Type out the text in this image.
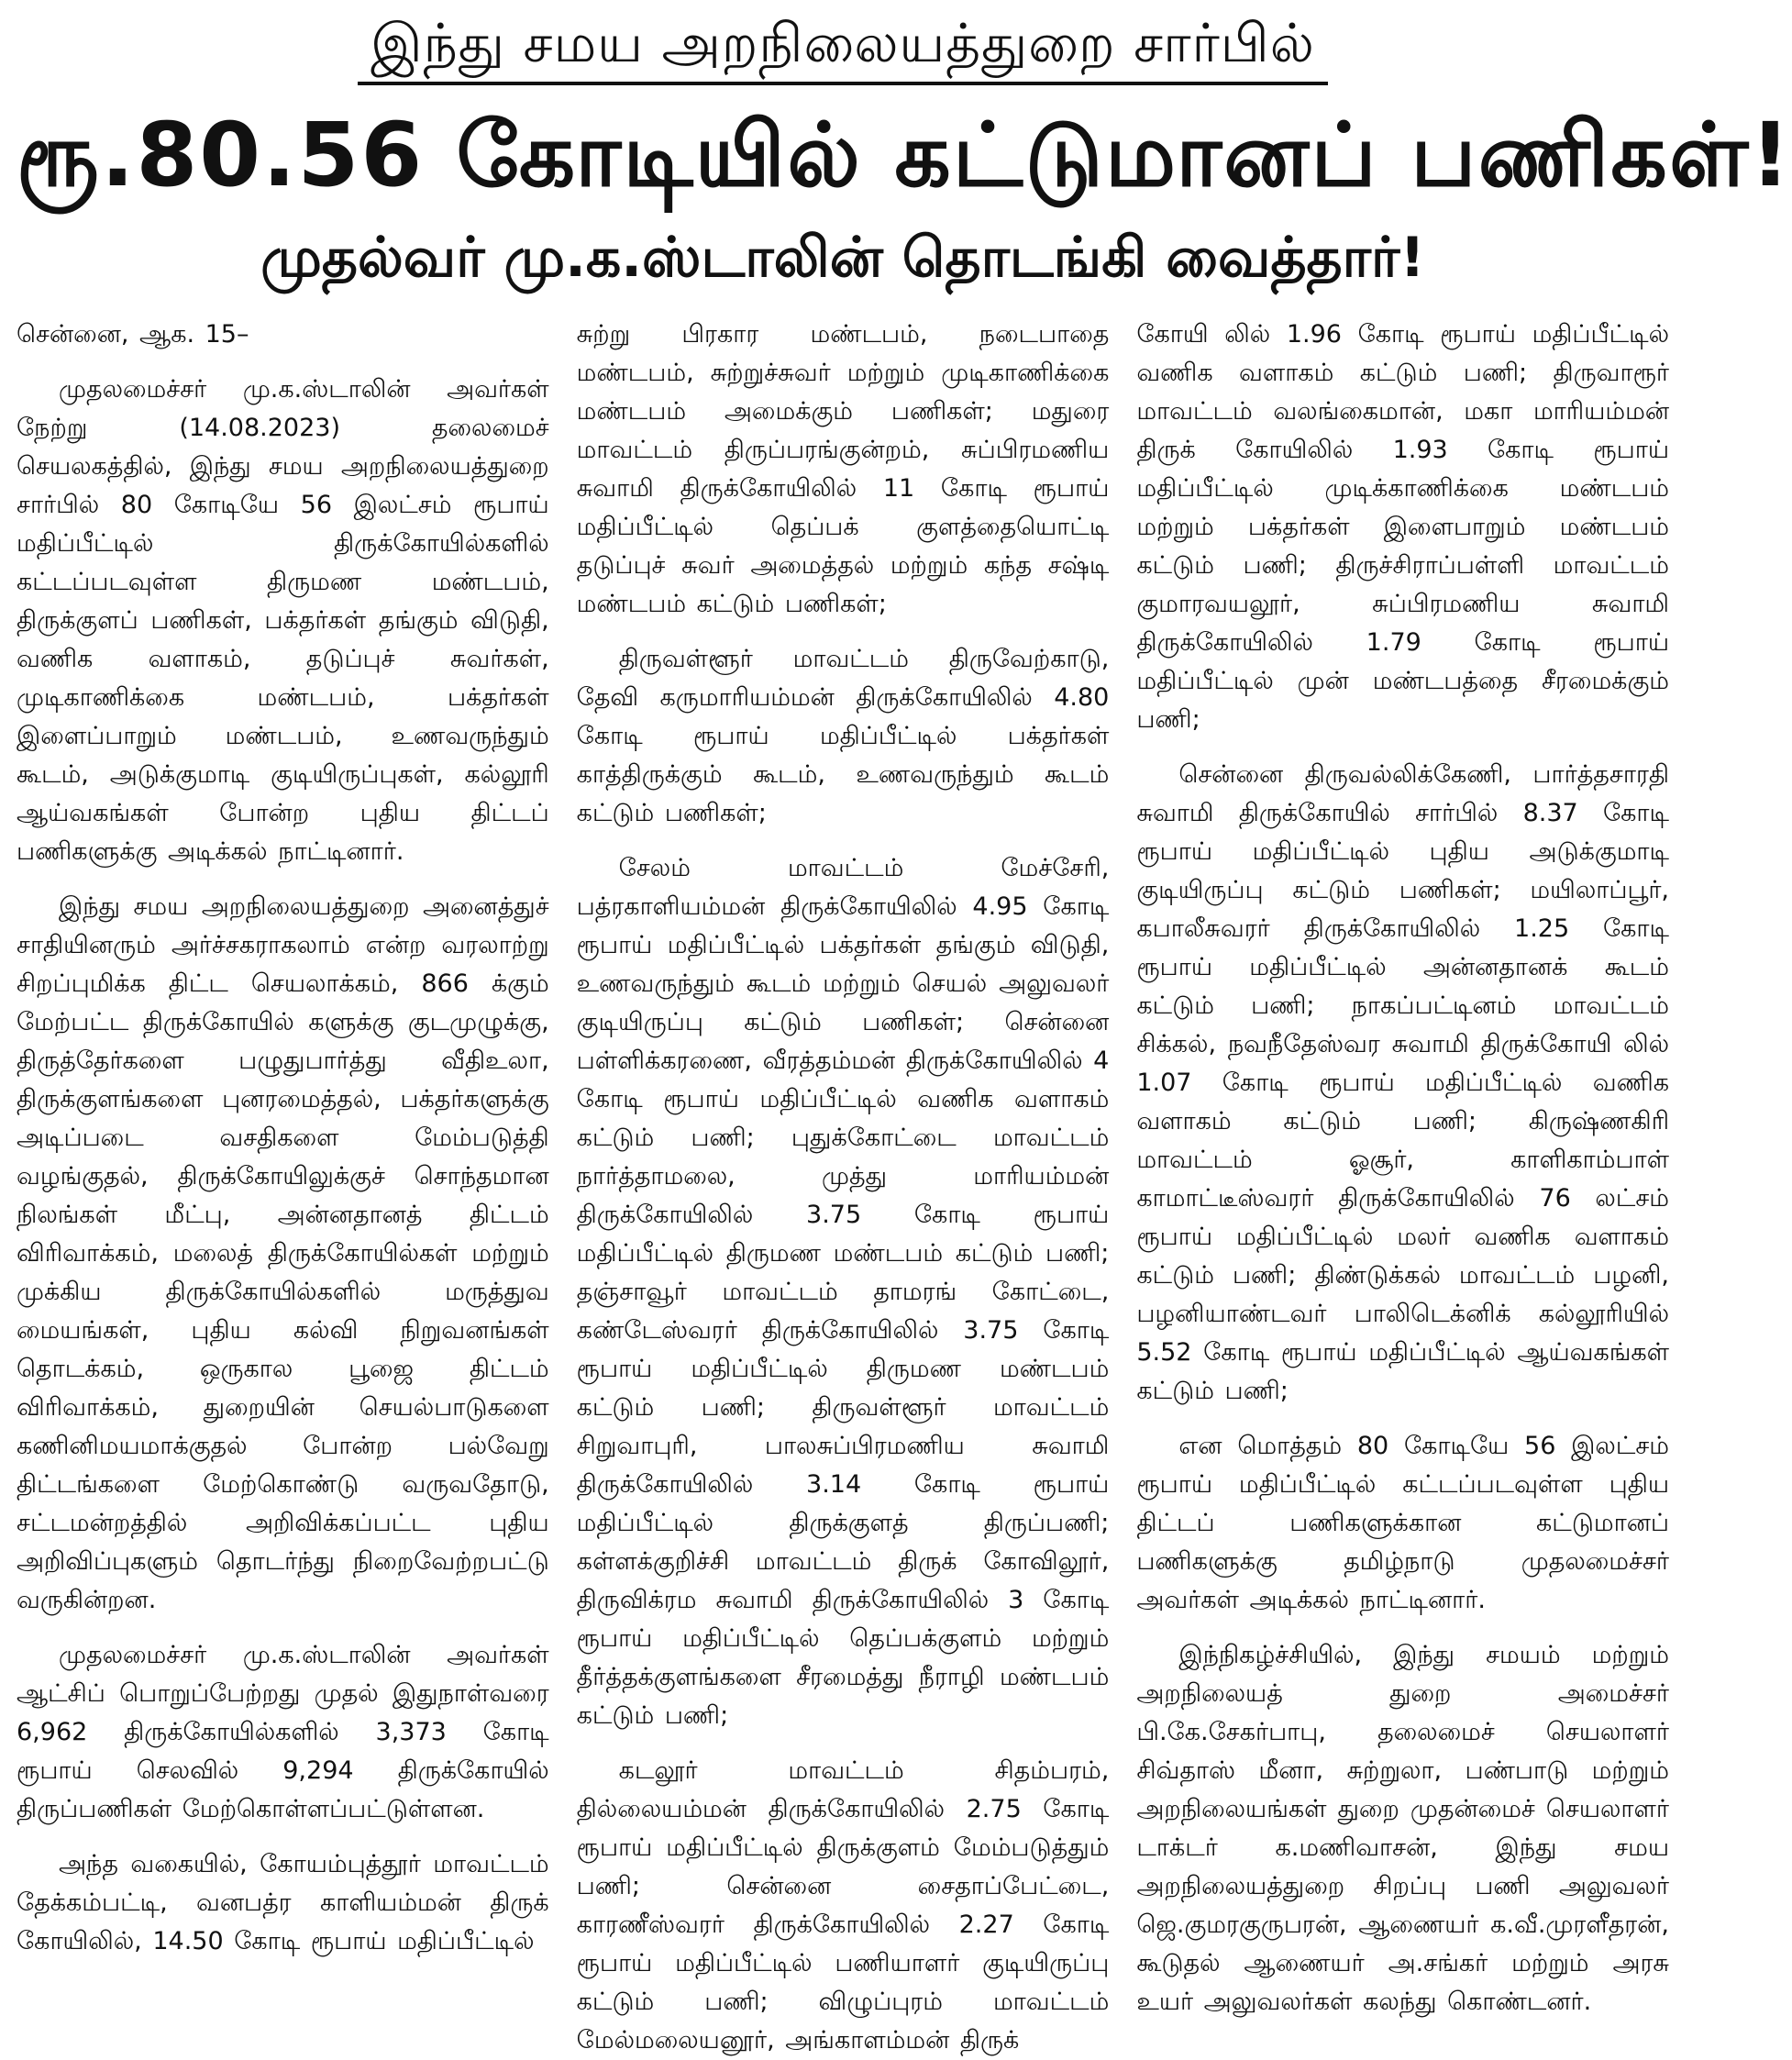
இந்து சமய அறநிலையத்துறை சார்பில்
ரூ.80.56 கோடியில் கட்டுமானப் பணிகள்!
முதல்வர் மு.க.ஸ்டாலின் தொடங்கி வைத்தார்!

சென்னை, ஆக. 15–

முதலமைச்சர் மு.க.ஸ்டாலின் அவர்கள் நேற்று (14.08.2023) தலைமைச் செயலகத்தில், இந்து சமய அறநிலையத்துறை சார்பில் 80 கோடியே 56 இலட்சம் ரூபாய் மதிப்பீட்டில் திருக்கோயில்களில் கட்டப்படவுள்ள திருமண மண்டபம், திருக்குளப் பணிகள், பக்தர்கள் தங்கும் விடுதி, வணிக வளாகம், தடுப்புச் சுவர்கள், முடிகாணிக்கை மண்டபம், பக்தர்கள் இளைப்பாறும் மண்டபம், உணவருந்தும் கூடம், அடுக்குமாடி குடியிருப்புகள், கல்லூரி ஆய்வகங்கள் போன்ற புதிய திட்டப் பணிகளுக்கு அடிக்கல் நாட்டினார்.

இந்து சமய அறநிலையத்துறை அனைத்துச் சாதியினரும் அர்ச்சகராகலாம் என்ற வரலாற்று சிறப்புமிக்க திட்ட செயலாக்கம், 866 க்கும் மேற்பட்ட திருக்கோயில் களுக்கு குடமுழுக்கு, திருத்தேர்களை பழுதுபார்த்து வீதிஉலா, திருக்குளங்களை புனரமைத்தல், பக்தர்களுக்கு அடிப்படை வசதிகளை மேம்படுத்தி வழங்குதல், திருக்கோயிலுக்குச் சொந்தமான நிலங்கள் மீட்பு, அன்னதானத் திட்டம் விரிவாக்கம், மலைத் திருக்கோயில்கள் மற்றும் முக்கிய திருக்கோயில்களில் மருத்துவ மையங்கள், புதிய கல்வி நிறுவனங்கள் தொடக்கம், ஒருகால பூஜை திட்டம் விரிவாக்கம், துறையின் செயல்பாடுகளை கணினிமயமாக்குதல் போன்ற பல்வேறு திட்டங்களை மேற்கொண்டு வருவதோடு, சட்டமன்றத்தில் அறிவிக்கப்பட்ட புதிய அறிவிப்புகளும் தொடர்ந்து நிறைவேற்றபட்டு வருகின்றன.

முதலமைச்சர் மு.க.ஸ்டாலின் அவர்கள் ஆட்சிப் பொறுப்பேற்றது முதல் இதுநாள்வரை 6,962 திருக்கோயில்களில் 3,373 கோடி ரூபாய் செலவில் 9,294 திருக்கோயில் திருப்பணிகள் மேற்கொள்ளப்பட்டுள்ளன.

அந்த வகையில், கோயம்புத்தூர் மாவட்டம் தேக்கம்பட்டி, வனபத்ர காளியம்மன் திருக் கோயிலில், 14.50 கோடி ரூபாய் மதிப்பீட்டில்

சுற்று பிரகார மண்டபம், நடைபாதை மண்டபம், சுற்றுச்சுவர் மற்றும் முடிகாணிக்கை மண்டபம் அமைக்கும் பணிகள்; மதுரை மாவட்டம் திருப்பரங்குன்றம், சுப்பிரமணிய சுவாமி திருக்கோயிலில் 11 கோடி ரூபாய் மதிப்பீட்டில் தெப்பக் குளத்தையொட்டி தடுப்புச் சுவர் அமைத்தல் மற்றும் கந்த சஷ்டி மண்டபம் கட்டும் பணிகள்;

திருவள்ளூர் மாவட்டம் திருவேற்காடு, தேவி கருமாரியம்மன் திருக்கோயிலில் 4.80 கோடி ரூபாய் மதிப்பீட்டில் பக்தர்கள் காத்திருக்கும் கூடம், உணவருந்தும் கூடம் கட்டும் பணிகள்;

சேலம் மாவட்டம் மேச்சேரி, பத்ரகாளியம்மன் திருக்கோயிலில் 4.95 கோடி ரூபாய் மதிப்பீட்டில் பக்தர்கள் தங்கும் விடுதி, உணவருந்தும் கூடம் மற்றும் செயல் அலுவலர் குடியிருப்பு கட்டும் பணிகள்; சென்னை பள்ளிக்கரணை, வீரத்தம்மன் திருக்கோயிலில் 4 கோடி ரூபாய் மதிப்பீட்டில் வணிக வளாகம் கட்டும் பணி; புதுக்கோட்டை மாவட்டம் நார்த்தாமலை, முத்து மாரியம்மன் திருக்கோயிலில் 3.75 கோடி ரூபாய் மதிப்பீட்டில் திருமண மண்டபம் கட்டும் பணி; தஞ்சாவூர் மாவட்டம் தாமரங் கோட்டை, கண்டேஸ்வரர் திருக்கோயிலில் 3.75 கோடி ரூபாய் மதிப்பீட்டில் திருமண மண்டபம் கட்டும் பணி; திருவள்ளூர் மாவட்டம் சிறுவாபுரி, பாலசுப்பிரமணிய சுவாமி திருக்கோயிலில் 3.14 கோடி ரூபாய் மதிப்பீட்டில் திருக்குளத் திருப்பணி; கள்ளக்குறிச்சி மாவட்டம் திருக் கோவிலூர், திருவிக்ரம சுவாமி திருக்கோயிலில் 3 கோடி ரூபாய் மதிப்பீட்டில் தெப்பக்குளம் மற்றும் தீர்த்தக்குளங்களை சீரமைத்து நீராழி மண்டபம் கட்டும் பணி;

கடலூர் மாவட்டம் சிதம்பரம், தில்லையம்மன் திருக்கோயிலில் 2.75 கோடி ரூபாய் மதிப்பீட்டில் திருக்குளம் மேம்படுத்தும் பணி; சென்னை சைதாப்பேட்டை, காரணீஸ்வரர் திருக்கோயிலில் 2.27 கோடி ரூபாய் மதிப்பீட்டில் பணியாளர் குடியிருப்பு கட்டும் பணி; விழுப்புரம் மாவட்டம் மேல்மலையனூர், அங்காளம்மன் திருக்

கோயி லில் 1.96 கோடி ரூபாய் மதிப்பீட்டில் வணிக வளாகம் கட்டும் பணி; திருவாரூர் மாவட்டம் வலங்கைமான், மகா மாரியம்மன் திருக் கோயிலில் 1.93 கோடி ரூபாய் மதிப்பீட்டில் முடிக்காணிக்கை மண்டபம் மற்றும் பக்தர்கள் இளைபாறும் மண்டபம் கட்டும் பணி; திருச்சிராப்பள்ளி மாவட்டம் குமாரவயலூர், சுப்பிரமணிய சுவாமி திருக்கோயிலில் 1.79 கோடி ரூபாய் மதிப்பீட்டில் முன் மண்டபத்தை சீரமைக்கும் பணி;

சென்னை திருவல்லிக்கேணி, பார்த்தசாரதி சுவாமி திருக்கோயில் சார்பில் 8.37 கோடி ரூபாய் மதிப்பீட்டில் புதிய அடுக்குமாடி குடியிருப்பு கட்டும் பணிகள்; மயிலாப்பூர், கபாலீசுவரர் திருக்கோயிலில் 1.25 கோடி ரூபாய் மதிப்பீட்டில் அன்னதானக் கூடம் கட்டும் பணி; நாகப்பட்டினம் மாவட்டம் சிக்கல், நவநீதேஸ்வர சுவாமி திருக்கோயி லில் 1.07 கோடி ரூபாய் மதிப்பீட்டில் வணிக வளாகம் கட்டும் பணி; கிருஷ்ணகிரி மாவட்டம் ஓசூர், காளிகாம்பாள் காமாட்டீஸ்வரர் திருக்கோயிலில் 76 லட்சம் ரூபாய் மதிப்பீட்டில் மலர் வணிக வளாகம் கட்டும் பணி; திண்டுக்கல் மாவட்டம் பழனி, பழனியாண்டவர் பாலிடெக்னிக் கல்லூரியில் 5.52 கோடி ரூபாய் மதிப்பீட்டில் ஆய்வகங்கள் கட்டும் பணி;

என மொத்தம் 80 கோடியே 56 இலட்சம் ரூபாய் மதிப்பீட்டில் கட்டப்படவுள்ள புதிய திட்டப் பணிகளுக்கான கட்டுமானப் பணிகளுக்கு தமிழ்நாடு முதலமைச்சர் அவர்கள் அடிக்கல் நாட்டினார்.

இந்நிகழ்ச்சியில், இந்து சமயம் மற்றும் அறநிலையத் துறை அமைச்சர் பி.கே.சேகர்பாபு, தலைமைச் செயலாளர் சிவ்தாஸ் மீனா, சுற்றுலா, பண்பாடு மற்றும் அறநிலையங்கள் துறை முதன்மைச் செயலாளர் டாக்டர் க.மணிவாசன், இந்து சமய அறநிலையத்துறை சிறப்பு பணி அலுவலர் ஜெ.குமரகுருபரன், ஆணையர் க.வீ.முரளீதரன், கூடுதல் ஆணையர் அ.சங்கர் மற்றும் அரசு உயர் அலுவலர்கள் கலந்து கொண்டனர்.
